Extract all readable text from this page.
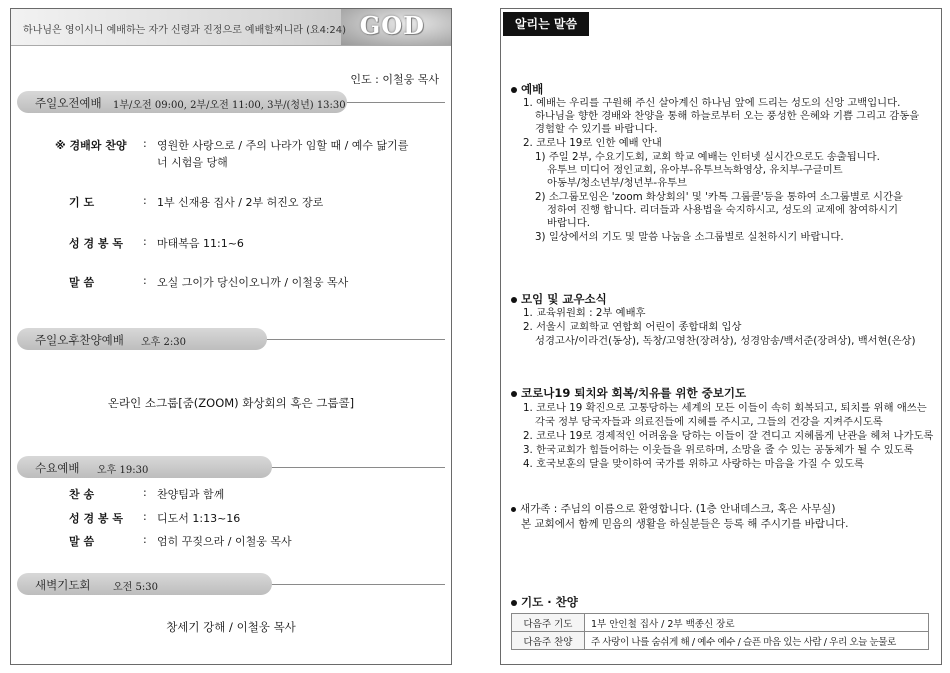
하나님은 영이시니 예배하는 자가 신령과 진정으로 예배할찌니라 (요4:24) GOD
인도 : 이철웅 목사
주일오전예배 1부/오전 09:00, 2부/오전 11:00, 3부/(청년) 13:30
※ 경배와 찬양 : 영원한 사랑으로 / 주의 나라가 임할 때 / 예수 닮기를
너 시험을 당해
기 도	: 1부 신재용 집사 / 2부 허진오 장로
성 경 봉 독 : 마태복음 11:1~6
말 씀	: 오실 그이가 당신이오니까 / 이철웅 목사
주일오후찬양예배 오후 2:30
온라인 소그룹[줌(ZOOM) 화상회의 혹은 그룹콜]
수요예배 오후 19:30
찬 송	: 찬양팀과 함께
성 경 봉 독 : 디도서 1:13~16
말 씀	: 엄히 꾸짖으라 / 이철웅 목사
새벽기도회 오전 5:30
창세기 강해 / 이철웅 목사
알리는 말씀
예배
1. 예배는 우리를 구원해 주신 살아계신 하나님 앞에 드리는 성도의 신앙 고백입니다.
하나님을 향한 경배와 찬양을 통해 하늘로부터 오는 풍성한 은혜와 기쁨 그리고 감동을
경험할 수 있기를 바랍니다.
2. 코로나 19로 인한 예배 안내
1) 주일 2부, 수요기도회, 교회 학교 예배는 인터넷 실시간으로도 송출됩니다.
유투브 미디어 정인교회, 유아부-유투브녹화영상, 유치부-구글미트
아동부/청소년부/청년부-유투브
2) 소그룹모임은 'zoom 화상회의' 및 '카톡 그룹콜'등을 통하여 소그룹별로 시간을
정하여 진행 합니다. 리더들과 사용법을 숙지하시고, 성도의 교제에 참여하시기
바랍니다.
3) 일상에서의 기도 및 말씀 나눔을 소그룹별로 실천하시기 바랍니다.
모임 및 교우소식
1. 교육위원회 : 2부 예배후
2. 서울시 교회학교 연합회 어린이 종합대회 입상
성경고사/이라건(동상), 독창/고영찬(장려상), 성경암송/백서준(장려상), 백서현(은상)
코로나19 퇴치와 회복/치유를 위한 중보기도
1. 코로나 19 확진으로 고통당하는 세계의 모든 이들이 속히 회복되고, 퇴치를 위해 애쓰는
각국 정부 당국자들과 의료진들에 지혜를 주시고, 그들의 건강을 지켜주시도록
2. 코로나 19로 경제적인 어려움을 당하는 이들이 잘 견디고 지혜롭게 난관을 헤쳐 나가도록
3. 한국교회가 힘들어하는 이웃들을 위로하며, 소망을 줄 수 있는 공동체가 될 수 있도록
4. 호국보훈의 달을 맞이하여 국가를 위하고 사랑하는 마음을 가질 수 있도록
새가족 : 주님의 이름으로 환영합니다. (1층 안내데스크, 혹은 사무실)
본 교회에서 함께 믿음의 생활을 하실분들은 등록 해 주시기를 바랍니다.
기도 · 찬양
다음주 기도	1부 안인철 집사 / 2부 백종신 장로
다음주 찬양	주 사랑이 나를 숨쉬게 해 / 예수 예수 / 슬픈 마음 있는 사람 / 우리 오늘 눈물로
